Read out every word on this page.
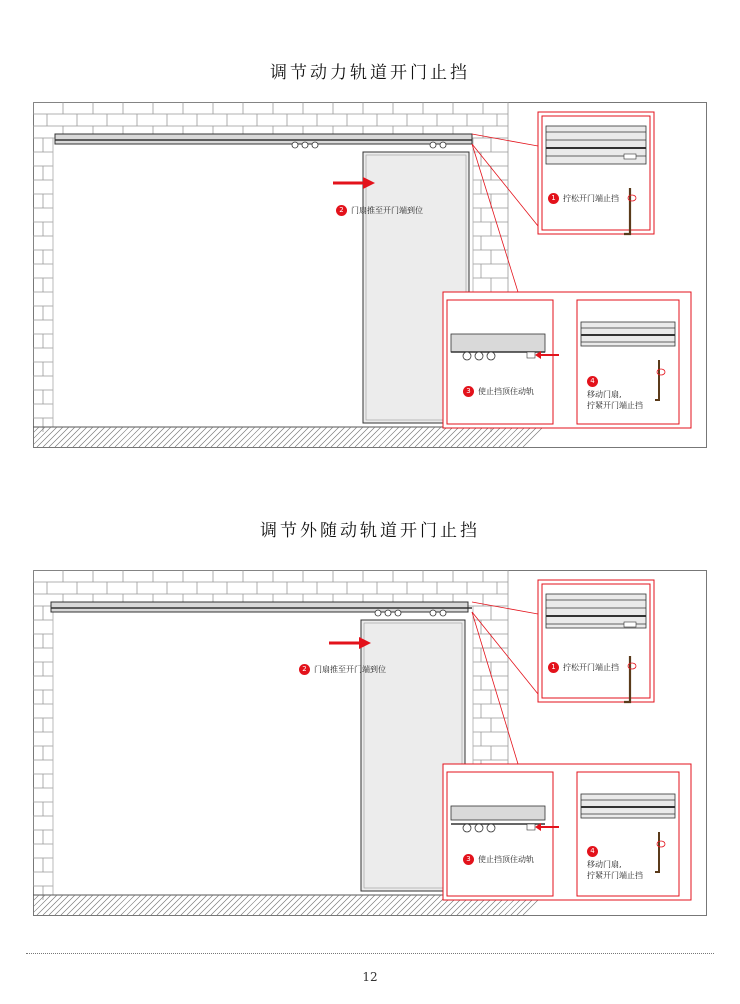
调节动力轨道开门止挡
2 门扇推至开门端到位
1 拧松开门端止挡
3 使止挡顶住动轨
4
移动门扇,
拧紧开门端止挡
调节外随动轨道开门止挡
2 门扇推至开门端到位	1 拧松开门端止挡
3 使止挡顶住动轨
4
移动门扇,
拧紧开门端止挡
12
